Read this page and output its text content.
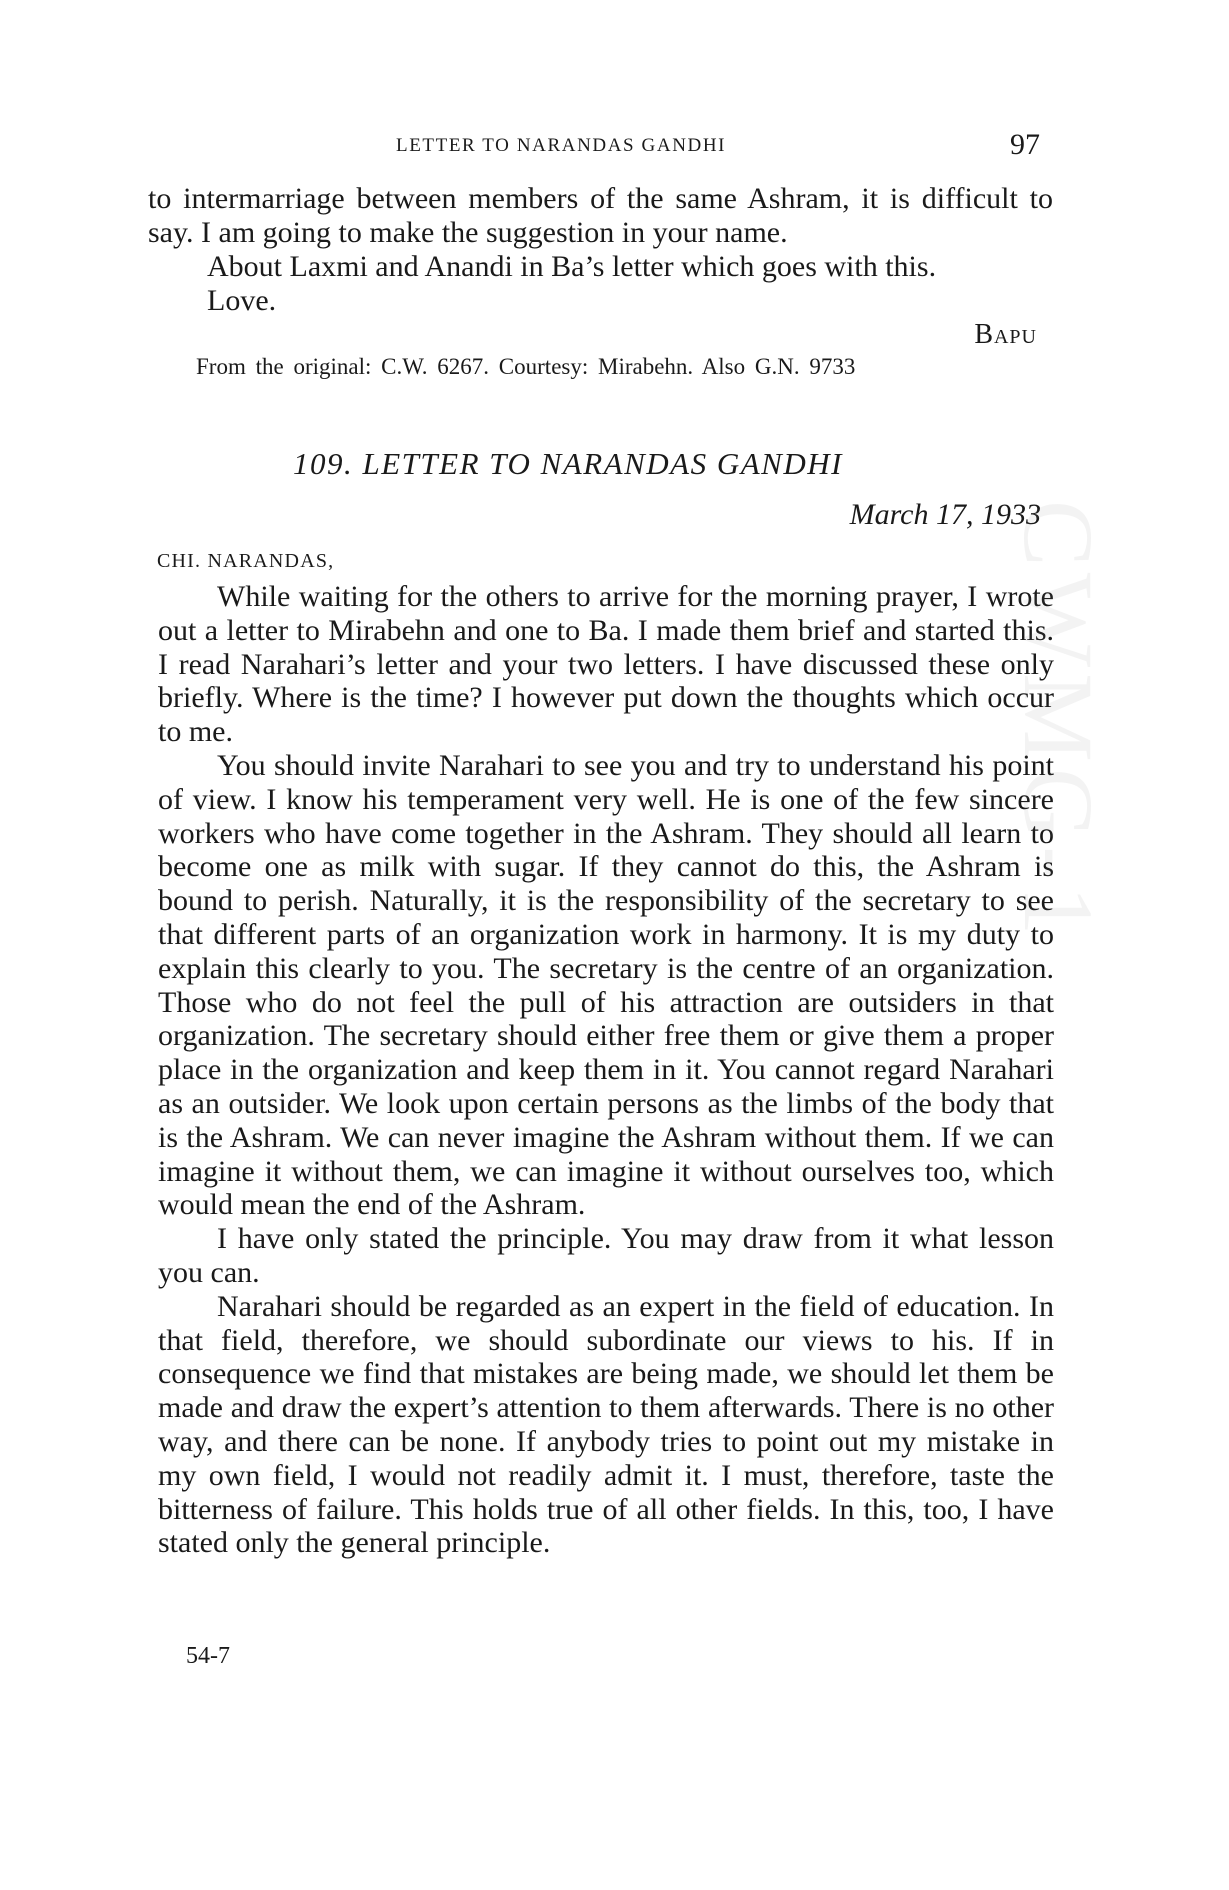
LETTER TO NARANDAS GANDHI	97

to intermarriage between members of the same Ashram, it is difficult to say. I am going to make the suggestion in your name.

About Laxmi and Anandi in Ba’s letter which goes with this.

Love.

Bapu
From the original: C.W. 6267. Courtesy: Mirabehn. Also G.N. 9733
109. LETTER TO NARANDAS GANDHI
March 17, 1933
CHI. NARANDAS,

While waiting for the others to arrive for the morning prayer, I wrote out a letter to Mirabehn and one to Ba. I made them brief and started this. I read Narahari’s letter and your two letters. I have discussed these only briefly. Where is the time? I however put down the thoughts which occur to me.

You should invite Narahari to see you and try to understand his point of view. I know his temperament very well. He is one of the few sincere workers who have come together in the Ashram. They should all learn to become one as milk with sugar. If they cannot do this, the Ashram is bound to perish. Naturally, it is the responsibility of the secretary to see that different parts of an organization work in harmony. It is my duty to explain this clearly to you. The secretary is the centre of an organization. Those who do not feel the pull of his attraction are outsiders in that organization. The secretary should either free them or give them a proper place in the organization and keep them in it. You cannot regard Narahari as an outsider. We look upon certain persons as the limbs of the body that is the Ashram. We can never imagine the Ashram without them. If we can imagine it without them, we can imagine it without ourselves too, which would mean the end of the Ashram.

I have only stated the principle. You may draw from it what lesson you can.

Narahari should be regarded as an expert in the field of education. In that field, therefore, we should subordinate our views to his. If in consequence we find that mistakes are being made, we should let them be made and draw the expert’s attention to them afterwards. There is no other way, and there can be none. If anybody tries to point out my mistake in my own field, I would not readily admit it. I must, therefore, taste the bitterness of failure. This holds true of all other fields. In this, too, I have stated only the general principle.

54-7
CWMG-1
